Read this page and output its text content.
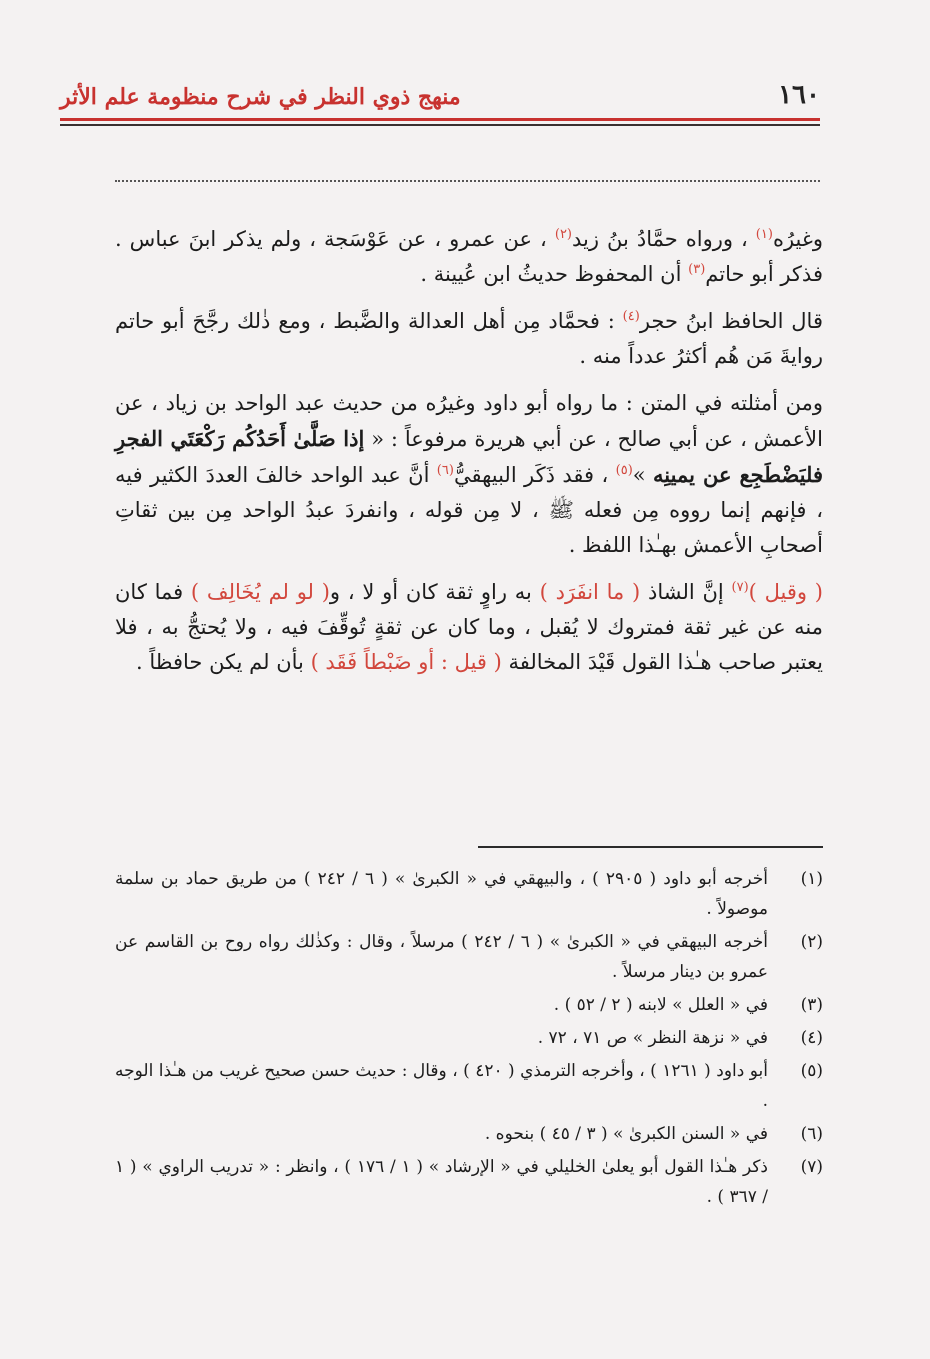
١٦٠
منهج ذوي النظر في شرح منظومة علم الأثر

وغيرُه$^{(١)}$ ، ورواه حمَّادُ بنُ زيد$^{(٢)}$ ، عن عمرو ، عن عَوْسَجة ، ولم يذكر ابنَ عباس . فذكر أبو حاتم$^{(٣)}$ أن المحفوظ حديثُ ابن عُيينة .

قال الحافظ ابنُ حجر$^{(٤)}$ : فحمَّاد مِن أهل العدالة والضَّبط ، ومع ذٰلك رجَّحَ أبو حاتم روايةَ مَن هُم أكثرُ عدداً منه .

ومن أمثلته في المتن : ما رواه أبو داود وغيرُه من حديث عبد الواحد بن زياد ، عن الأعمش ، عن أبي صالح ، عن أبي هريرة مرفوعاً : « إذا صَلَّىٰ أَحَدُكُم رَكْعَتَي الفجرِ فليَضْطَجِع عن يمينِه »$^{(٥)}$ ، فقد ذَكَر البيهقيُّ$^{(٦)}$ أنَّ عبد الواحد خالفَ العددَ الكثير فيه ، فإنهم إنما رووه مِن فعله ﷺ ، لا مِن قوله ، وانفردَ عبدُ الواحد مِن بين ثقاتِ أصحابِ الأعمش بهـٰذا اللفظ .

( وقيل )$^{(٧)}$ إنَّ الشاذ ( ما انفَرَد ) به راوٍ ثقة كان أو لا ، و( لو لم يُخَالِف ) فما كان منه عن غير ثقة فمتروك لا يُقبل ، وما كان عن ثقةٍ تُوقِّفَ فيه ، ولا يُحتجُّ به ، فلا يعتبر صاحب هـٰذا القول قَيْدَ المخالفة ( قيل : أو ضَبْطاً فَقَد ) بأن لم يكن حافظاً .

(١)
أخرجه أبو داود ( ٢٩٠٥ ) ، والبيهقي في « الكبرىٰ » ( ٦ / ٢٤٢ ) من طريق حماد بن سلمة موصولاً .
(٢)
أخرجه البيهقي في « الكبرىٰ » ( ٦ / ٢٤٢ ) مرسلاً ، وقال : وكذٰلك رواه روح بن القاسم عن عمرو بن دينار مرسلاً .
(٣)
في « العلل » لابنه ( ٢ / ٥٢ ) .
(٤)
في « نزهة النظر » ص ٧١ ، ٧٢ .
(٥)
أبو داود ( ١٢٦١ ) ، وأخرجه الترمذي ( ٤٢٠ ) ، وقال : حديث حسن صحيح غريب من هـٰذا الوجه .
(٦)
في « السنن الكبرىٰ » ( ٣ / ٤٥ ) بنحوه .
(٧)
ذكر هـٰذا القول أبو يعلىٰ الخليلي في « الإرشاد » ( ١ / ١٧٦ ) ، وانظر : « تدريب الراوي » ( ١ / ٣٦٧ ) .
